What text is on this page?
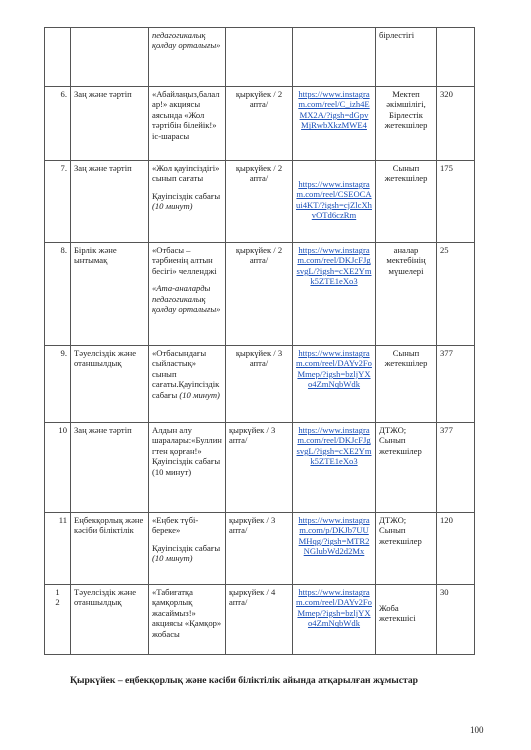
		педагогикалық қолдау орталығы»			бірлестігі	
6.	Заң және тәртіп	«Абайлаңыз,балалар!» акциясы аясында «Жол тәртібін білейік!» іс-шарасы	қыркүйек / 2 апта/	https://www.instagram.com/reel/C_izh4EMX2A/?igsh=dGpvMjRwbXkzMWE4	Мектеп әкімшілігі, Бірлестік жетекшілер	320
7.	Заң және тәртіп	«Жол қауіпсіздігі» сынып сағаты
Қауіпсіздік сабағы (10 минут)	қыркүйек / 2 апта/	https://www.instagram.com/reel/CSEOCAui4KT/?igsh=cjZlcXhvOTd6czRm	Сынып жетекшілер	175
8.	Бірлік және ынтымақ	«Отбасы – тәрбиенің алтын бесігі» челленджі
«Ата-аналарды педагогикалық қолдау орталығы»	қыркүйек / 2 апта/	https://www.instagram.com/reel/DKJcFJgsvgL/?igsh=cXE2Ymk5ZTE1eXo3	аналар мектебінің мүшелері	25
9.	Тәуелсіздік және отаншылдық	«Отбасындағы сыйластық» сынып сағаты.Қауіпсіздік сабағы (10 минут)	қыркүйек / 3 апта/	https://www.instagram.com/reel/DAYv2FoMmep/?igsh=bzljYXo4ZmNqbWdk	Сынып жетекшілер	377
10	Заң және тәртіп	Алдын алу шаралары:«Буллингтен қорған!» Қауіпсіздік сабағы (10 минут)	қыркүйек / 3 апта/	https://www.instagram.com/reel/DKJcFJgsvgL/?igsh=cXE2Ymk5ZTE1eXo3	ДТЖО; Сынып жетекшілер	377
11	Еңбекқорлық және кәсіби біліктілік	«Еңбек түбі-береке»
Қауіпсіздік сабағы (10 минут)	қыркүйек / 3 апта/	https://www.instagram.com/p/DKJb7UUMHqg/?igsh=MTR2NGlubWd2d2Mx	ДТЖО; Сынып жетекшілер	120
1 2	Тәуелсіздік және отаншылдық	«Табиғатқа қамқорлық жасаймыз!» акциясы «Қамқор» жобасы	қыркүйек / 4 апта/	https://www.instagram.com/reel/DAYv2FoMmep/?igsh=bzljYXo4ZmNqbWdk	Жоба жетекшісі	30
Қыркүйек – еңбекқорлық және кәсіби біліктілік айында атқарылған жұмыстар
100
